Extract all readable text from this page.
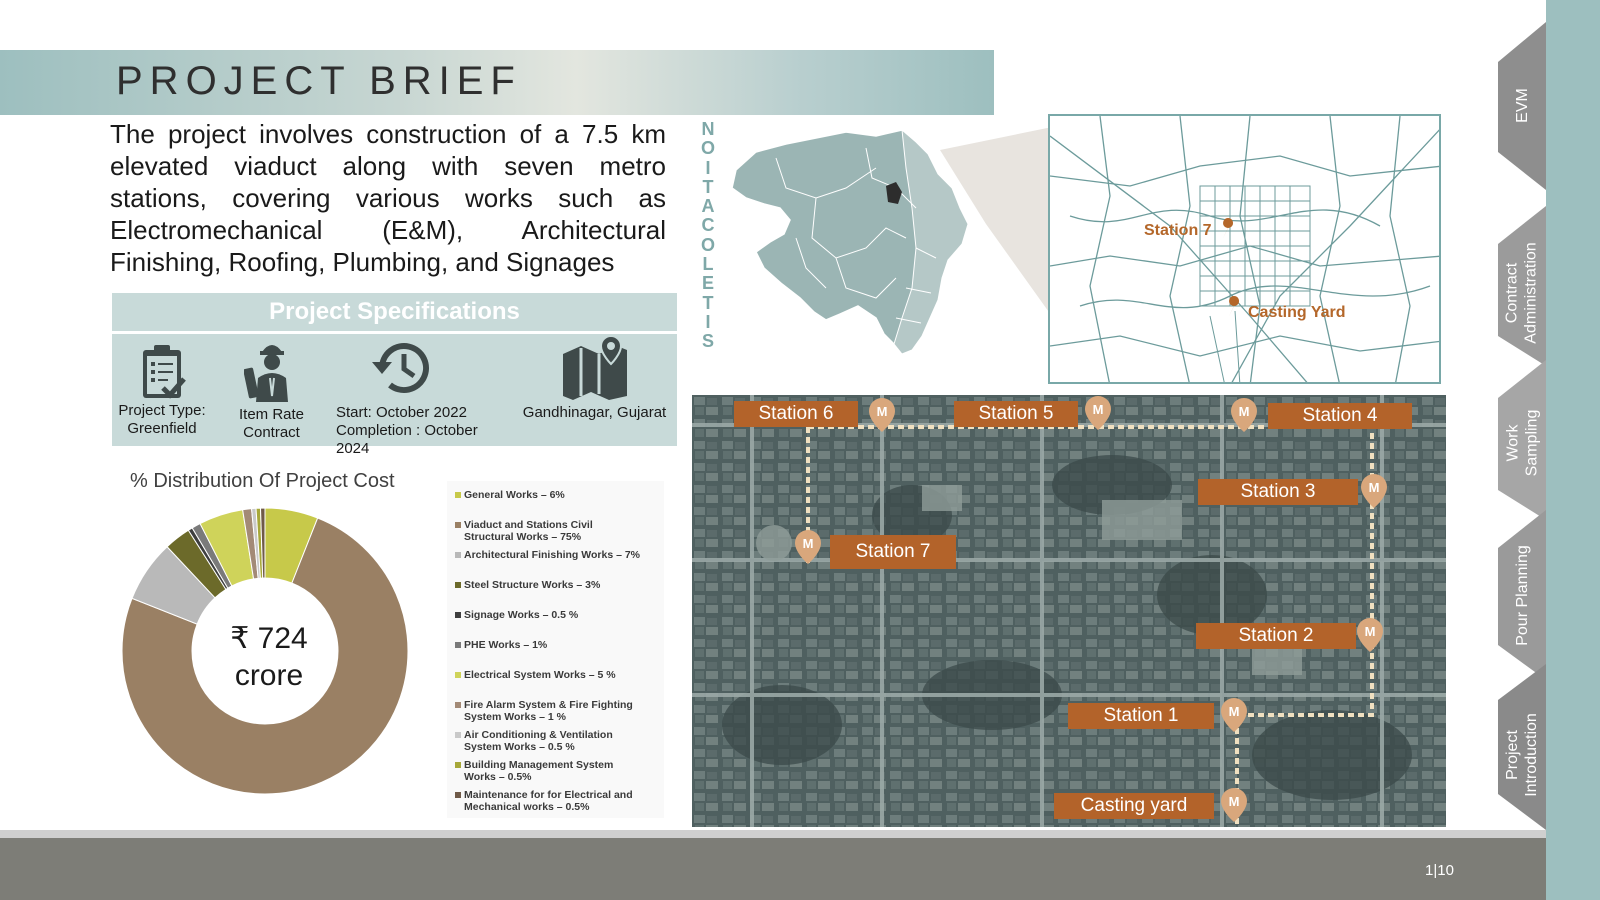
PROJECT BRIEF

The project involves construction of a 7.5 km elevated viaduct along with seven metro stations, covering various works such as Electromechanical (E&M), Architectural Finishing, Roofing, Plumbing, and Signages

Project Specifications
Project Type:
Greenfield
Item Rate
Contract
Start: October 2022
Completion : October 2024
Gandhinagar, Gujarat
% Distribution Of Project Cost
₹ 724
crore
General Works – 6%
Viaduct and Stations Civil
Structural Works – 75%
Architectural Finishing Works – 7%
Steel Structure Works – 3%
Signage Works – 0.5 %
PHE Works – 1%
Electrical System Works – 5 %
Fire Alarm System & Fire Fighting
System Works – 1 %
Air Conditioning & Ventilation
System Works – 0.5 %
Building Management System
Works – 0.5%
Maintenance for for Electrical and
Mechanical works – 0.5%
N
O
I
T
A
C
O
L
E
T
I
S
Station 7
Casting Yard
Station 6	Station 5	Station 4
Station 3
Station 7
Station 2
Station 1
Casting yard
M	M	M
M
M
M
M
M
1|10
EVM
Contract Administration
Work Sampling
Pour Planning
Project Introduction
